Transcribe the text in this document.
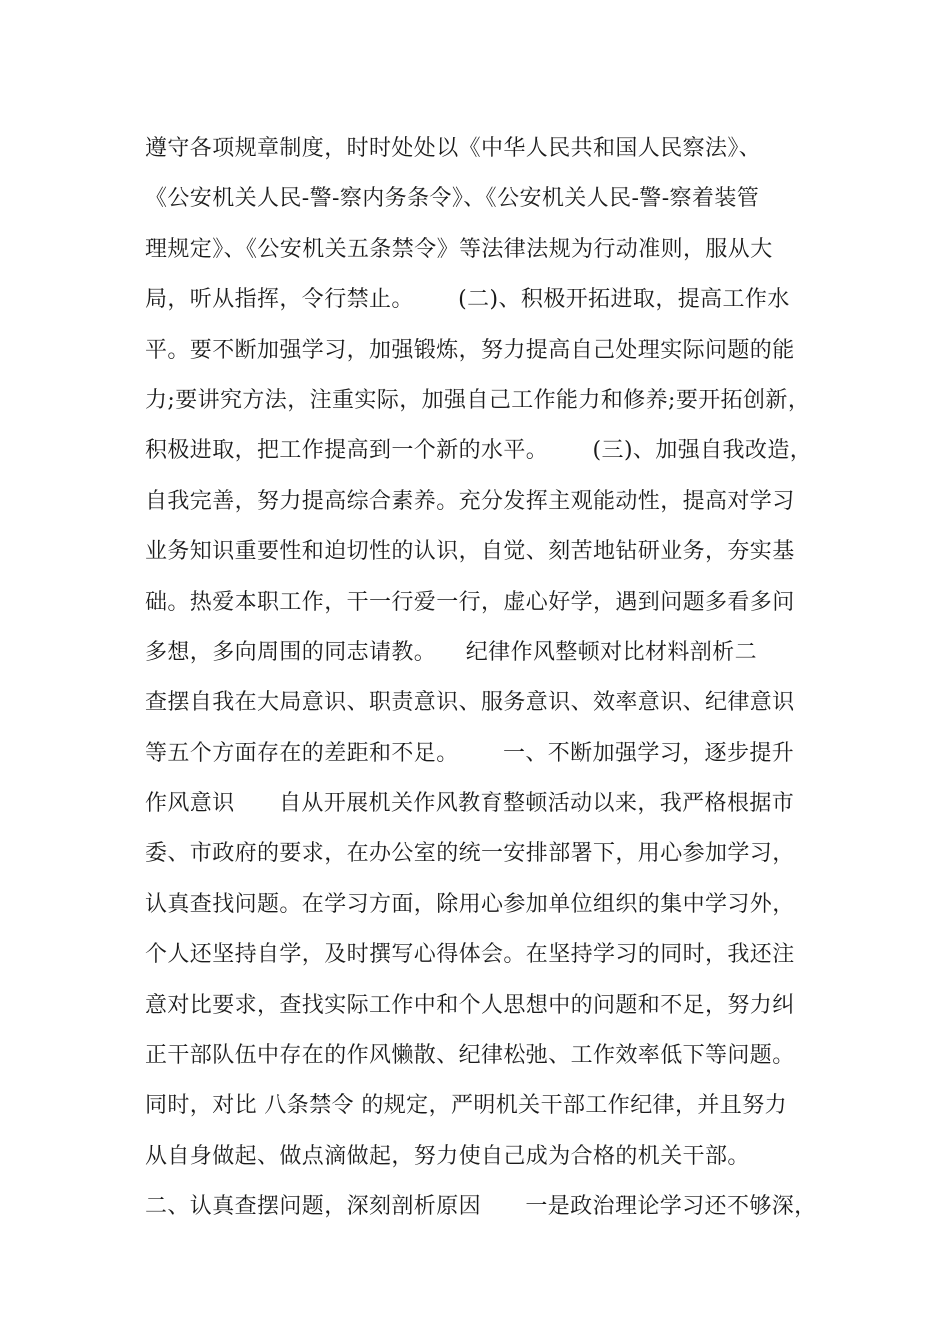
遵守各项规章制度，时时处处以《中华人民共和国人民察法》、
《公安机关人民-警-察内务条令》、《公安机关人民-警-察着装管
理规定》、《公安机关五条禁令》等法律法规为行动准则，服从大
局，听从指挥，令行禁止。      (二)、积极开拓进取，提高工作水
平。要不断加强学习，加强锻炼，努力提高自己处理实际问题的能
力;要讲究方法，注重实际，加强自己工作能力和修养;要开拓创新，
积极进取，把工作提高到一个新的水平。      (三)、加强自我改造，
自我完善，努力提高综合素养。充分发挥主观能动性，提高对学习
业务知识重要性和迫切性的认识，自觉、刻苦地钻研业务，夯实基
础。热爱本职工作，干一行爱一行，虚心好学，遇到问题多看多问
多想，多向周围的同志请教。    纪律作风整顿对比材料剖析二
查摆自我在大局意识、职责意识、服务意识、效率意识、纪律意识
等五个方面存在的差距和不足。      一、不断加强学习，逐步提升
作风意识      自从开展机关作风教育整顿活动以来，我严格根据市
委、市政府的要求，在办公室的统一安排部署下，用心参加学习，
认真查找问题。在学习方面，除用心参加单位组织的集中学习外，
个人还坚持自学，及时撰写心得体会。在坚持学习的同时，我还注
意对比要求，查找实际工作中和个人思想中的问题和不足，努力纠
正干部队伍中存在的作风懒散、纪律松弛、工作效率低下等问题。
同时，对比 八条禁令 的规定，严明机关干部工作纪律，并且努力
从自身做起、做点滴做起，努力使自己成为合格的机关干部。
二、认真查摆问题，深刻剖析原因      一是政治理论学习还不够深，
